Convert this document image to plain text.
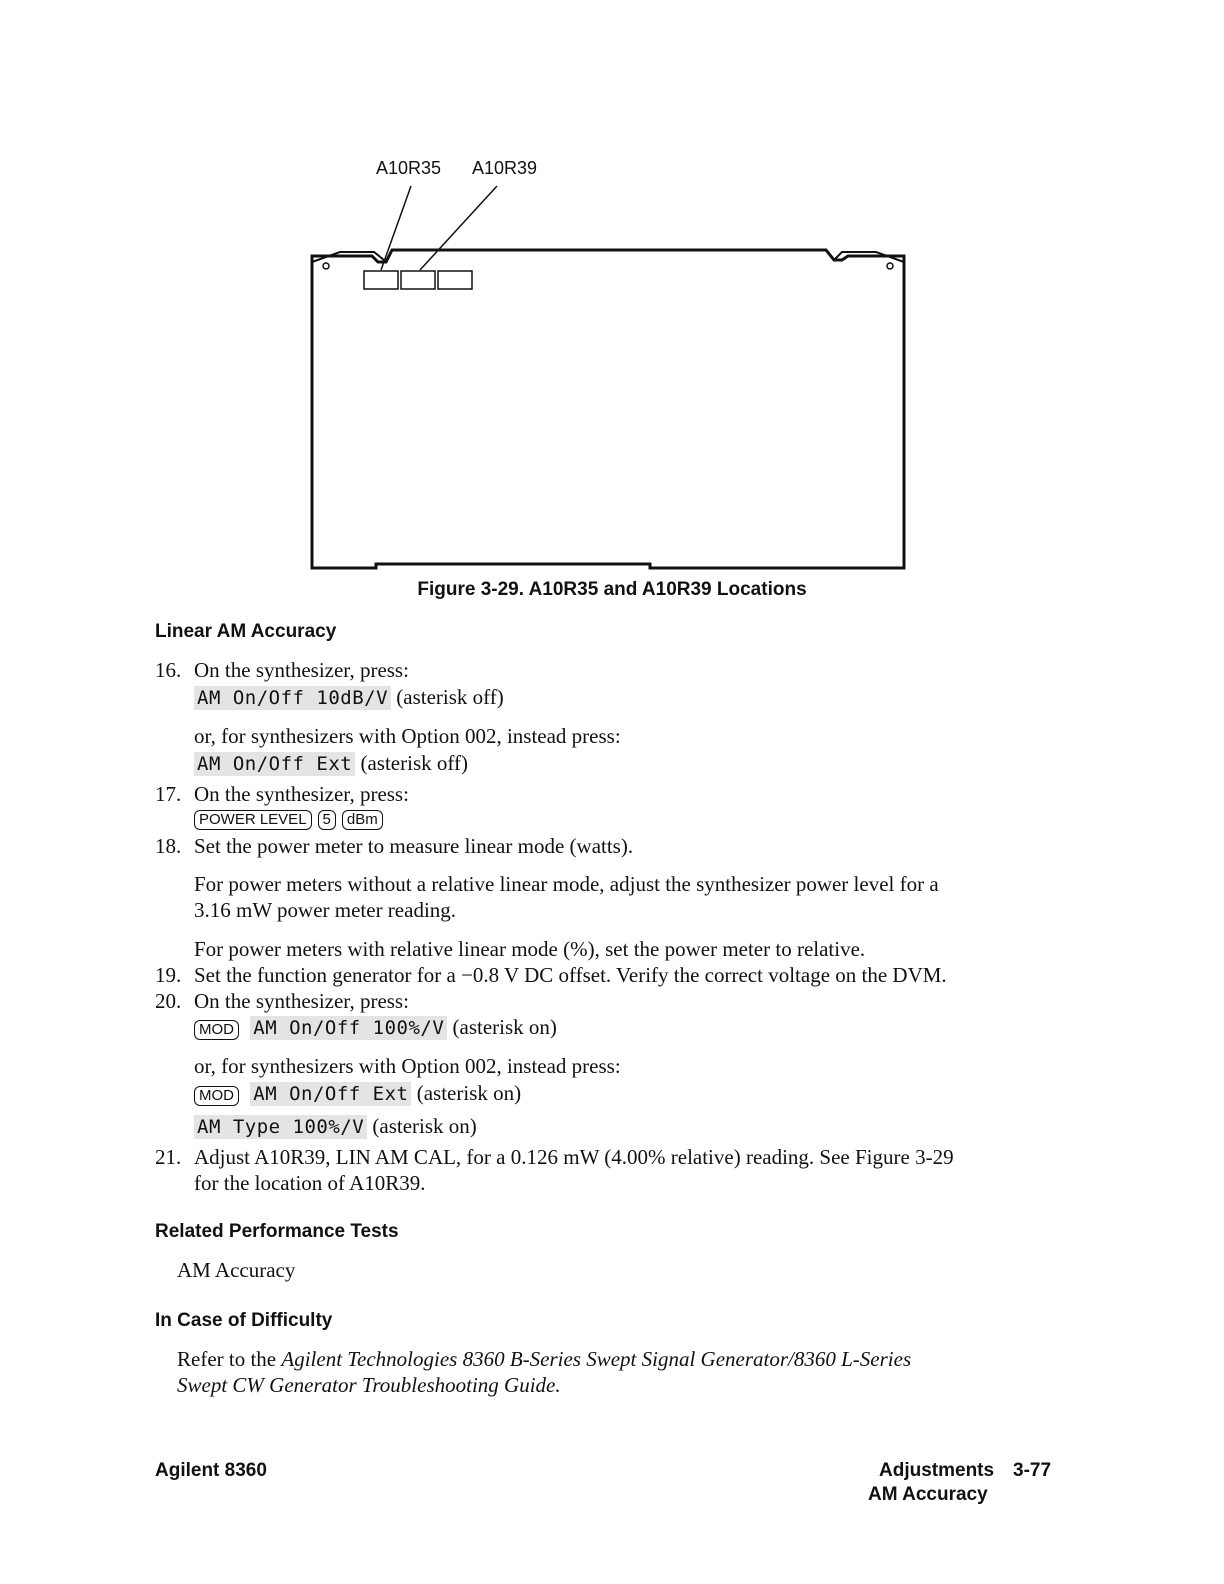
A10R35 A10R39
Figure 3-29. A10R35 and A10R39 Locations
Linear AM Accuracy
16. On the synthesizer, press:
AM On/Off 10dB/V (asterisk off)
or, for synthesizers with Option 002, instead press:
AM On/Off Ext (asterisk off)
17. On the synthesizer, press:
POWER LEVEL 5 dBm
18. Set the power meter to measure linear mode (watts).
For power meters without a relative linear mode, adjust the synthesizer power level for a
3.16 mW power meter reading.
For power meters with relative linear mode (%), set the power meter to relative.
19. Set the function generator for a −0.8 V DC offset. Verify the correct voltage on the DVM.
20. On the synthesizer, press:
MOD AM On/Off 100%/V (asterisk on)
or, for synthesizers with Option 002, instead press:
MOD AM On/Off Ext (asterisk on)
AM Type 100%/V (asterisk on)
21. Adjust A10R39, LIN AM CAL, for a 0.126 mW (4.00% relative) reading. See Figure 3-29
for the location of A10R39.
Related Performance Tests
AM Accuracy
In Case of Difficulty
Refer to the Agilent Technologies 8360 B-Series Swept Signal Generator/8360 L-Series
Swept CW Generator Troubleshooting Guide.
Agilent 8360	Adjustments 3-77
AM Accuracy
